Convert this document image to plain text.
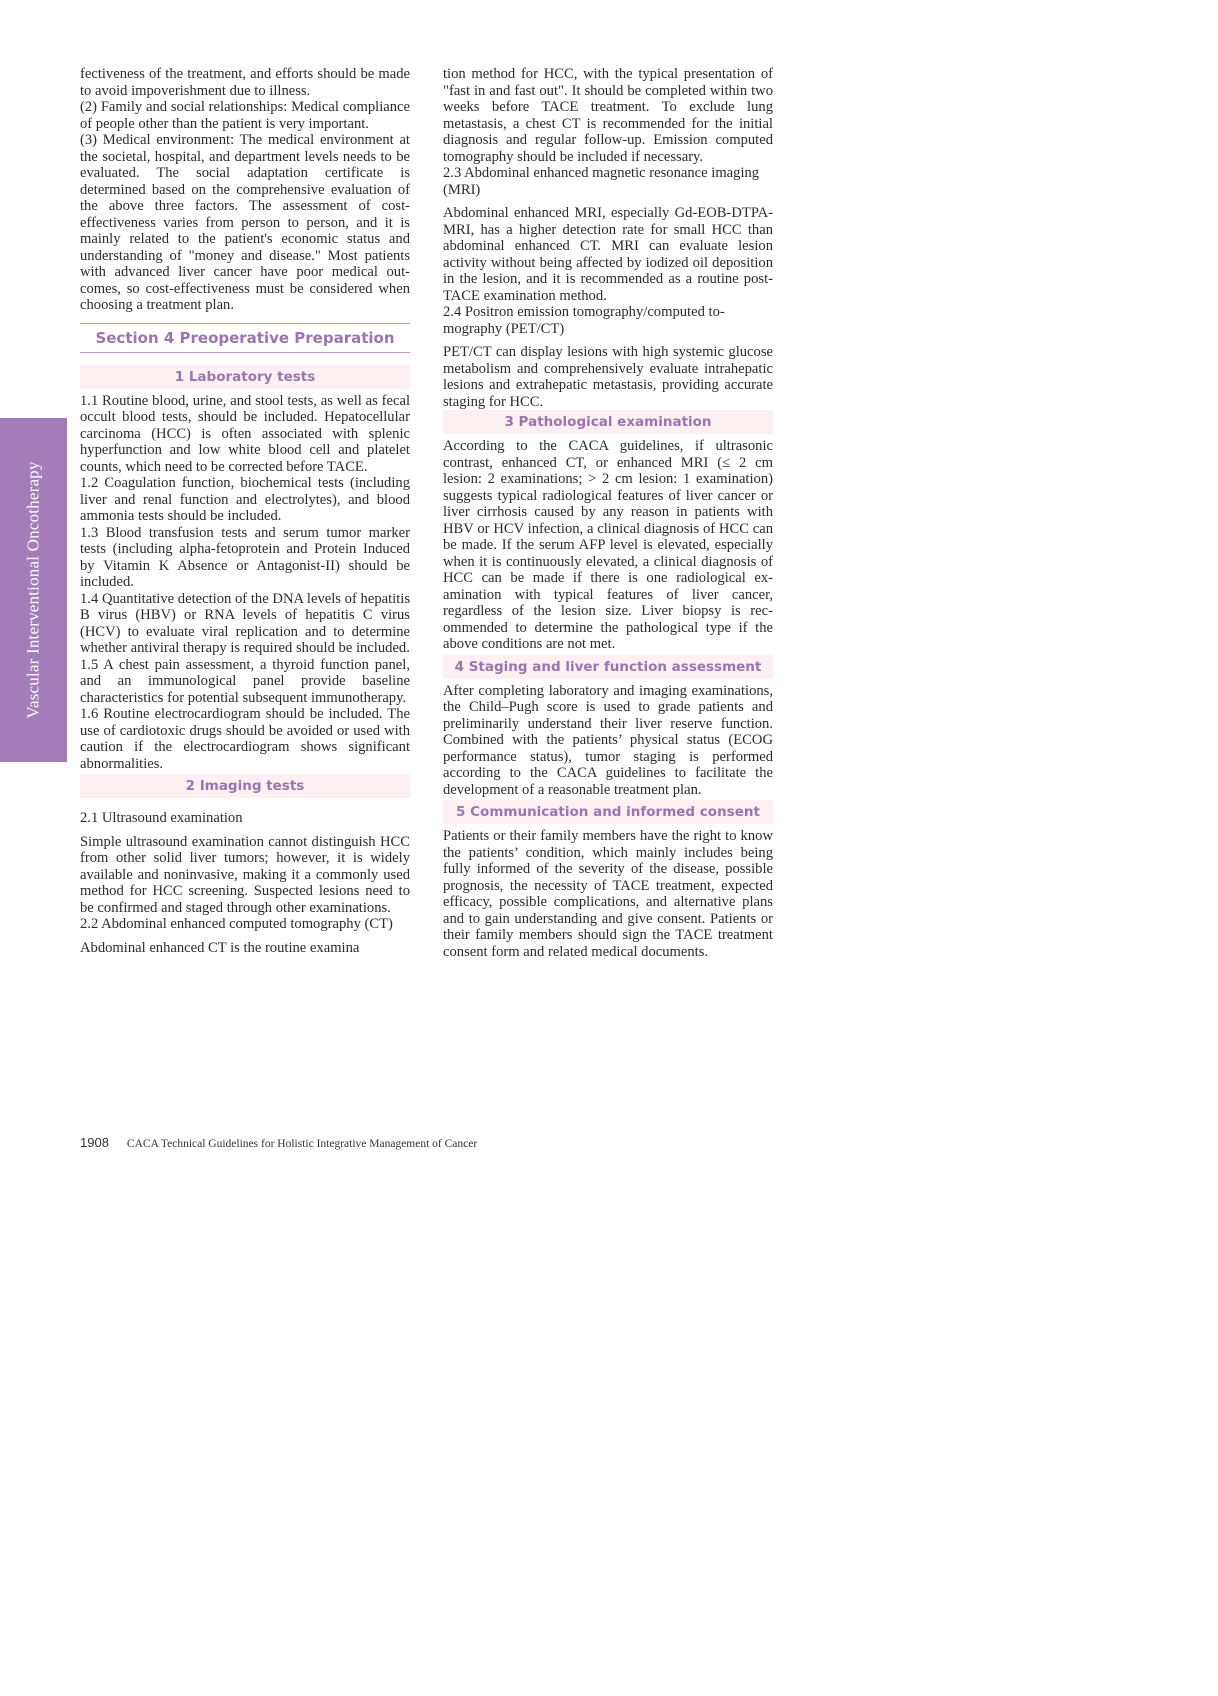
Vascular Interventional Oncotherapy

fectiveness of the treatment, and efforts should be made to avoid impoverishment due to illness.

(2) Family and social relationships: Medical compliance of people other than the patient is very important.

(3) Medical environment: The medical environment at the societal, hospital, and department levels needs to be evaluated. The social adaptation certificate is determined based on the comprehensive evaluation of the above three factors. The assessment of cost-effectiveness varies from person to person, and it is mainly related to the patient's economic status and understanding of "money and disease." Most patients with advanced liver cancer have poor medical outcomes, so cost-effectiveness must be considered when choosing a treatment plan.

Section 4 Preoperative Preparation
1 Laboratory tests

1.1 Routine blood, urine, and stool tests, as well as fecal occult blood tests, should be included. Hepatocellular carcinoma (HCC) is often associated with splenic hyperfunction and low white blood cell and platelet counts, which need to be corrected before TACE.

1.2 Coagulation function, biochemical tests (including liver and renal function and electrolytes), and blood ammonia tests should be included.

1.3 Blood transfusion tests and serum tumor marker tests (including alpha-fetoprotein and Protein Induced by Vitamin K Absence or Antagonist-II) should be included.

1.4 Quantitative detection of the DNA levels of hepatitis B virus (HBV) or RNA levels of hepatitis C virus (HCV) to evaluate viral replication and to determine whether antiviral therapy is required should be included.

1.5 A chest pain assessment, a thyroid function panel, and an immunological panel provide baseline characteristics for potential subsequent immunotherapy.

1.6 Routine electrocardiogram should be included. The use of cardiotoxic drugs should be avoided or used with caution if the electrocardiogram shows significant abnormalities.

2 Imaging tests

2.1 Ultrasound examination

Simple ultrasound examination cannot distinguish HCC from other solid liver tumors; however, it is widely available and noninvasive, making it a commonly used method for HCC screening. Suspected lesions need to be confirmed and staged through other examinations.

2.2 Abdominal enhanced computed tomography (CT)

Abdominal enhanced CT is the routine examina

tion method for HCC, with the typical presentation of "fast in and fast out". It should be completed within two weeks before TACE treatment. To exclude lung metastasis, a chest CT is recommended for the initial diagnosis and regular follow-up. Emission computed tomography should be included if necessary.

2.3 Abdominal enhanced magnetic resonance imaging (MRI)

Abdominal enhanced MRI, especially Gd-EOB-DTPA-MRI, has a higher detection rate for small HCC than abdominal enhanced CT. MRI can evaluate lesion activity without being affected by iodized oil deposition in the lesion, and it is recommended as a routine post-TACE examination method.

2.4 Positron emission tomography/computed tomography (PET/CT)

PET/CT can display lesions with high systemic glucose metabolism and comprehensively evaluate intrahepatic lesions and extrahepatic metastasis, providing accurate staging for HCC.

3 Pathological examination

According to the CACA guidelines, if ultrasonic contrast, enhanced CT, or enhanced MRI (≤ 2 cm lesion: 2 examinations; > 2 cm lesion: 1 examination) suggests typical radiological features of liver cancer or liver cirrhosis caused by any reason in patients with HBV or HCV infection, a clinical diagnosis of HCC can be made. If the serum AFP level is elevated, especially when it is continuously elevated, a clinical diagnosis of HCC can be made if there is one radiological examination with typical features of liver cancer, regardless of the lesion size. Liver biopsy is recommended to determine the pathological type if the above conditions are not met.

4 Staging and liver function assessment

After completing laboratory and imaging examinations, the Child–Pugh score is used to grade patients and preliminarily understand their liver reserve function. Combined with the patients’ physical status (ECOG performance status), tumor staging is performed according to the CACA guidelines to facilitate the development of a reasonable treatment plan.

5 Communication and informed consent

Patients or their family members have the right to know the patients’ condition, which mainly includes being fully informed of the severity of the disease, possible prognosis, the necessity of TACE treatment, expected efficacy, possible complications, and alternative plans and to gain understanding and give consent. Patients or their family members should sign the TACE treatment consent form and related medical documents.

1908 CACA Technical Guidelines for Holistic Integrative Management of Cancer
